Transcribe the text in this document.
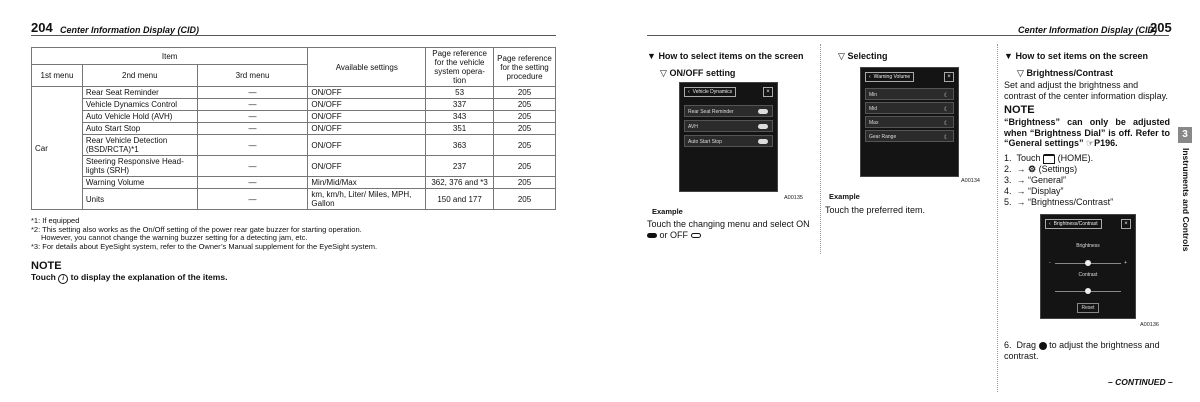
204 Center Information Display (CID)	Center Information Display (CID)
205
Item			Available settings	Page reference for the vehicle system opera-tion	Page reference for the setting procedure
1st menu	2nd menu	3rd menu			
Car	Rear Seat Reminder	—	ON/OFF	53	205
	Vehicle Dynamics Control	—	ON/OFF	337	205
	Auto Vehicle Hold (AVH)	—	ON/OFF	343	205
	Auto Start Stop	—	ON/OFF	351	205
	Rear Vehicle Detection (BSD/RCTA)*1	—	ON/OFF	363	205
	Steering Responsive Head-lights (SRH)	—	ON/OFF	237	205
	Warning Volume	—	Min/Mid/Max	362, 376 and *3	205
	Units	—	km, km/h, Liter/ Miles, MPH, Gallon	150 and 177	205
*1: If equipped
*2: This setting also works as the On/Off setting of the power rear gate buzzer for starting operation.
However, you cannot change the warning buzzer setting for a detecting jam, etc.
*3: For details about EyeSight system, refer to the Owner’s Manual supplement for the EyeSight system.
NOTE
Touch i to display the explanation of the items.
▼ How to select items on the screen
▽ ON/OFF setting
‹ Vehicle Dynamics	×
Rear Seat Reminder
AVH
Auto Start Stop
A00135
Example
Touch the changing menu and select ON  or OFF
▽ Selecting
‹ Warning Volume	×
Min	☾
Mid	☾
Max	☾
Gear Range	☾
A00134
Example
Touch the preferred item.
▼ How to set items on the screen
▽ Brightness/Contrast
Set and adjust the brightness and contrast of the center information display.
NOTE
“Brightness” can only be adjusted when “Brightness Dial” is off. Refer to “General settings” ☞P196.
1. Touch (HOME).
2. → ⚙ (Settings)
3. → “General”
4. → “Display”
5. → “Brightness/Contrast”
‹ Brightness/Contrast	×
Brightness
-	+
Contrast
Reset
A00136
6. Drag to adjust the brightness and contrast.
– CONTINUED –
3
Instruments and Controls
